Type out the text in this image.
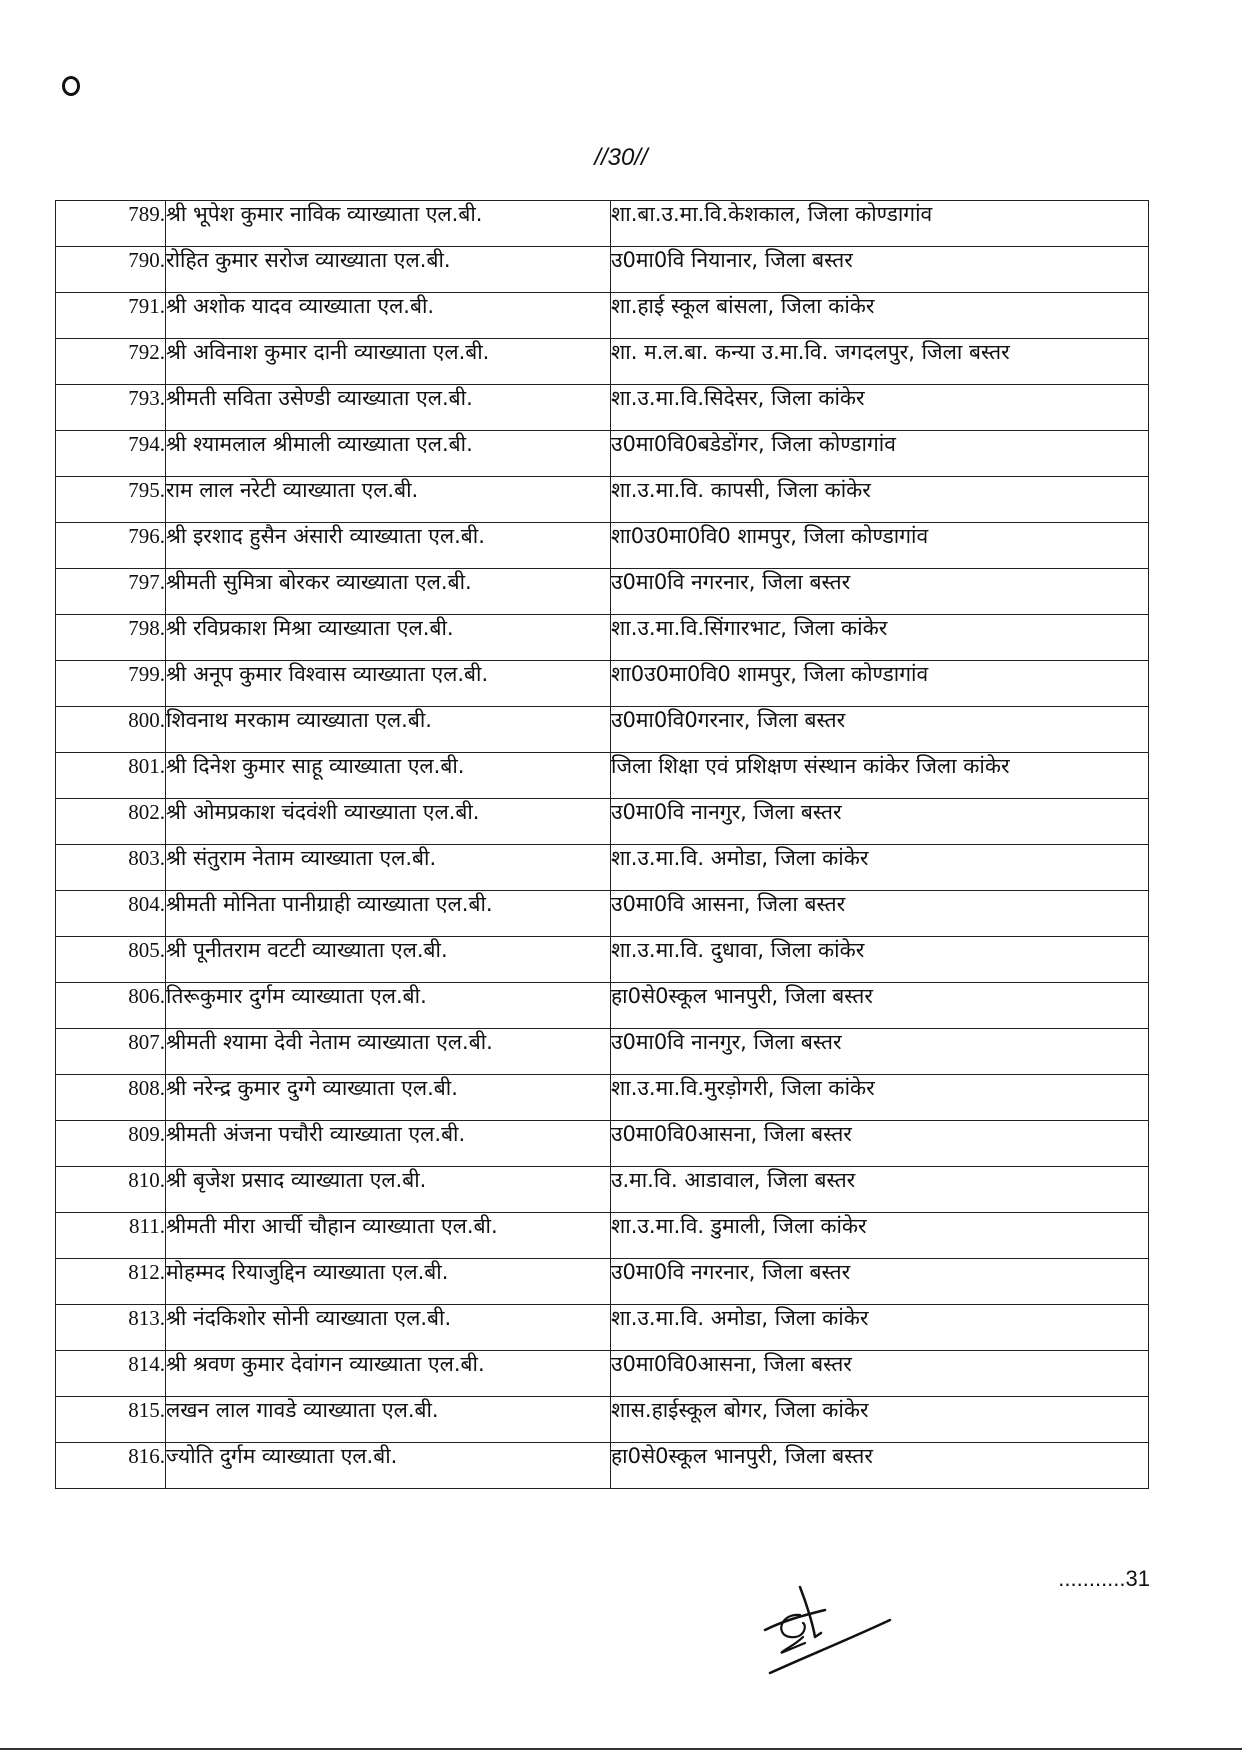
//30//
789.	श्री भूपेश कुमार नाविक व्याख्याता एल.बी.	शा.बा.उ.मा.वि.केशकाल, जिला कोण्डागांव
790.	रोहित कुमार सरोज व्याख्याता एल.बी.	उ0मा0वि नियानार, जिला बस्तर
791.	श्री अशोक यादव व्याख्याता एल.बी.	शा.हाई स्कूल बांसला, जिला कांकेर
792.	श्री अविनाश कुमार दानी व्याख्याता एल.बी.	शा. म.ल.बा. कन्या उ.मा.वि. जगदलपुर, जिला बस्तर
793.	श्रीमती सविता उसेण्डी व्याख्याता एल.बी.	शा.उ.मा.वि.सिदेसर, जिला कांकेर
794.	श्री श्यामलाल श्रीमाली व्याख्याता एल.बी.	उ0मा0वि0बडेडोंगर, जिला कोण्डागांव
795.	राम लाल नरेटी व्याख्याता एल.बी.	शा.उ.मा.वि. कापसी, जिला कांकेर
796.	श्री इरशाद हुसैन अंसारी व्याख्याता एल.बी.	शा0उ0मा0वि0 शामपुर, जिला कोण्डागांव
797.	श्रीमती सुमित्रा बोरकर व्याख्याता एल.बी.	उ0मा0वि नगरनार, जिला बस्तर
798.	श्री रविप्रकाश मिश्रा व्याख्याता एल.बी.	शा.उ.मा.वि.सिंगारभाट, जिला कांकेर
799.	श्री अनूप कुमार विश्वास व्याख्याता एल.बी.	शा0उ0मा0वि0 शामपुर, जिला कोण्डागांव
800.	शिवनाथ मरकाम व्याख्याता एल.बी.	उ0मा0वि0गरनार, जिला बस्तर
801.	श्री दिनेश कुमार साहू व्याख्याता एल.बी.	जिला शिक्षा एवं प्रशिक्षण संस्थान कांकेर जिला कांकेर
802.	श्री ओमप्रकाश चंदवंशी व्याख्याता एल.बी.	उ0मा0वि नानगुर, जिला बस्तर
803.	श्री संतुराम नेताम व्याख्याता एल.बी.	शा.उ.मा.वि. अमोडा, जिला कांकेर
804.	श्रीमती मोनिता पानीग्राही व्याख्याता एल.बी.	उ0मा0वि आसना, जिला बस्तर
805.	श्री पूनीतराम वटटी व्याख्याता एल.बी.	शा.उ.मा.वि. दुधावा, जिला कांकेर
806.	तिरूकुमार दुर्गम व्याख्याता एल.बी.	हा0से0स्कूल भानपुरी, जिला बस्तर
807.	श्रीमती श्यामा देवी नेताम व्याख्याता एल.बी.	उ0मा0वि नानगुर, जिला बस्तर
808.	श्री नरेन्द्र कुमार दुग्गे व्याख्याता एल.बी.	शा.उ.मा.वि.मुरड़ोगरी, जिला कांकेर
809.	श्रीमती अंजना पचौरी व्याख्याता एल.बी.	उ0मा0वि0आसना, जिला बस्तर
810.	श्री बृजेश प्रसाद व्याख्याता एल.बी.	उ.मा.वि. आडावाल, जिला बस्तर
811.	श्रीमती मीरा आर्ची चौहान व्याख्याता एल.बी.	शा.उ.मा.वि. डुमाली, जिला कांकेर
812.	मोहम्मद रियाजुद्दिन व्याख्याता एल.बी.	उ0मा0वि नगरनार, जिला बस्तर
813.	श्री नंदकिशोर सोनी व्याख्याता एल.बी.	शा.उ.मा.वि. अमोडा, जिला कांकेर
814.	श्री श्रवण कुमार देवांगन व्याख्याता एल.बी.	उ0मा0वि0आसना, जिला बस्तर
815.	लखन लाल गावडे व्याख्याता एल.बी.	शास.हाईस्कूल बोगर, जिला कांकेर
816.	ज्योति दुर्गम व्याख्याता एल.बी.	हा0से0स्कूल भानपुरी, जिला बस्तर
...........31
